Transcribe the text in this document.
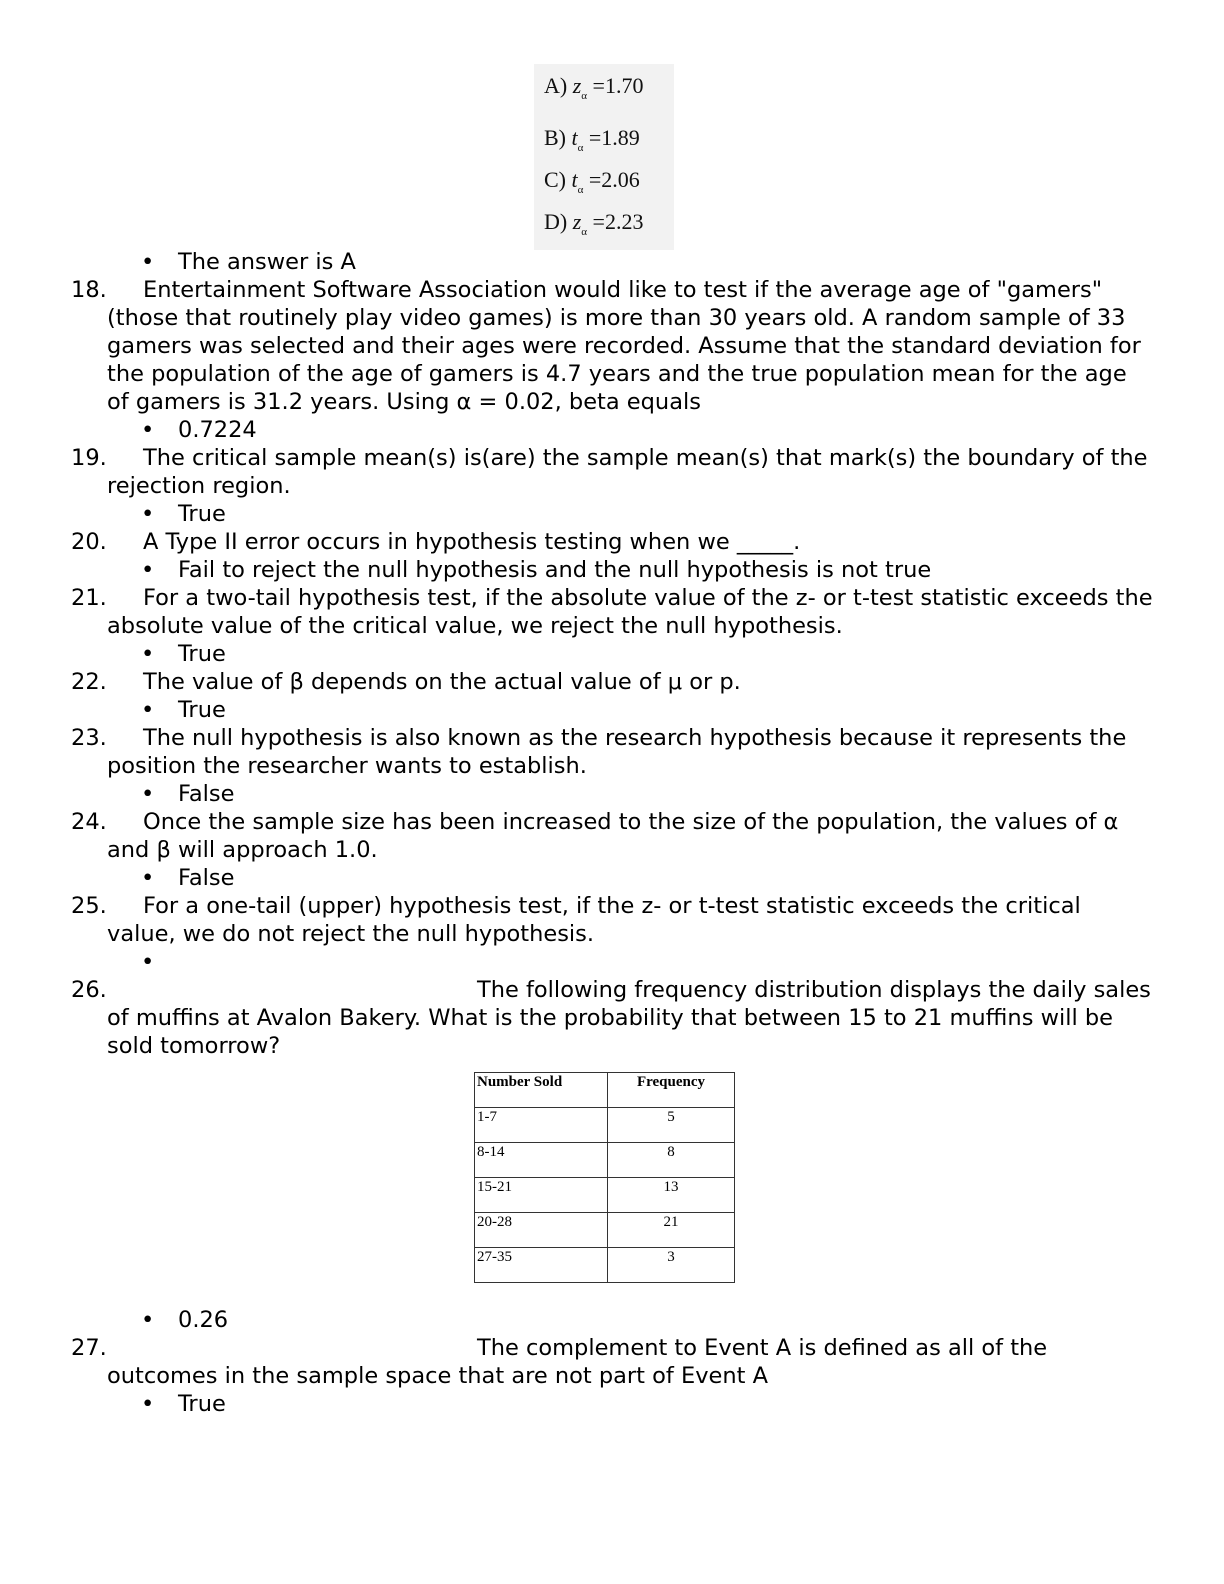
A) $z_\alpha =1.70$
B) $t_\alpha =1.89$
C) $t_\alpha =2.06$
D) $z_\alpha =2.23$
• The answer is A
18. Entertainment Software Association would like to test if the average age of "gamers" (those that routinely play video games) is more than 30 years old. A random sample of 33 gamers was selected and their ages were recorded. Assume that the standard deviation for the population of the age of gamers is 4.7 years and the true population mean for the age of gamers is 31.2 years. Using α = 0.02, beta equals
• 0.7224
19. The critical sample mean(s) is(are) the sample mean(s) that mark(s) the boundary of the rejection region.
• True
20. A Type II error occurs in hypothesis testing when we _____.
• Fail to reject the null hypothesis and the null hypothesis is not true
21. For a two-tail hypothesis test, if the absolute value of the z- or t-test statistic exceeds the absolute value of the critical value, we reject the null hypothesis.
• True
22. The value of β depends on the actual value of μ or p.
• True
23. The null hypothesis is also known as the research hypothesis because it represents the position the researcher wants to establish.
• False
24. Once the sample size has been increased to the size of the population, the values of α and β will approach 1.0.
• False
25. For a one-tail (upper) hypothesis test, if the z- or t-test statistic exceeds the critical value, we do not reject the null hypothesis.
•
26.	The following frequency distribution displays the daily sales of muffins at Avalon Bakery. What is the probability that between 15 to 21 muffins will be sold tomorrow?
Number Sold	Frequency
1-7	5
8-14	8
15-21	13
20-28	21
27-35	3
• 0.26
27.	The complement to Event A is defined as all of the outcomes in the sample space that are not part of Event A
• True
